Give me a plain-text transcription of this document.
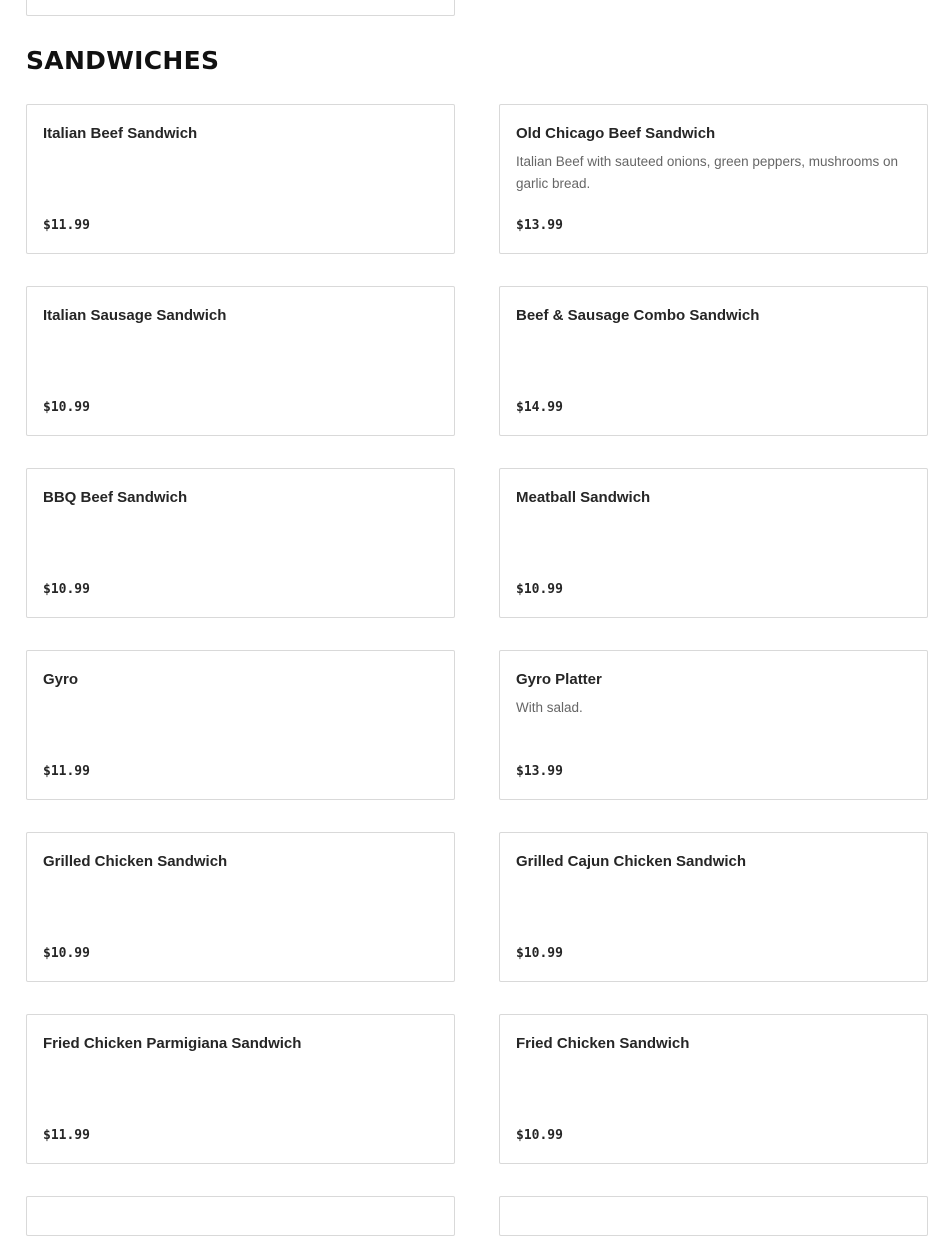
SANDWICHES
Italian Beef Sandwich
$11.99
Old Chicago Beef Sandwich
Italian Beef with sauteed onions, green peppers, mushrooms on garlic bread.
$13.99
Italian Sausage Sandwich
$10.99
Beef & Sausage Combo Sandwich
$14.99
BBQ Beef Sandwich
$10.99
Meatball Sandwich
$10.99
Gyro
$11.99
Gyro Platter
With salad.
$13.99
Grilled Chicken Sandwich
$10.99
Grilled Cajun Chicken Sandwich
$10.99
Fried Chicken Parmigiana Sandwich
$11.99
Fried Chicken Sandwich
$10.99
